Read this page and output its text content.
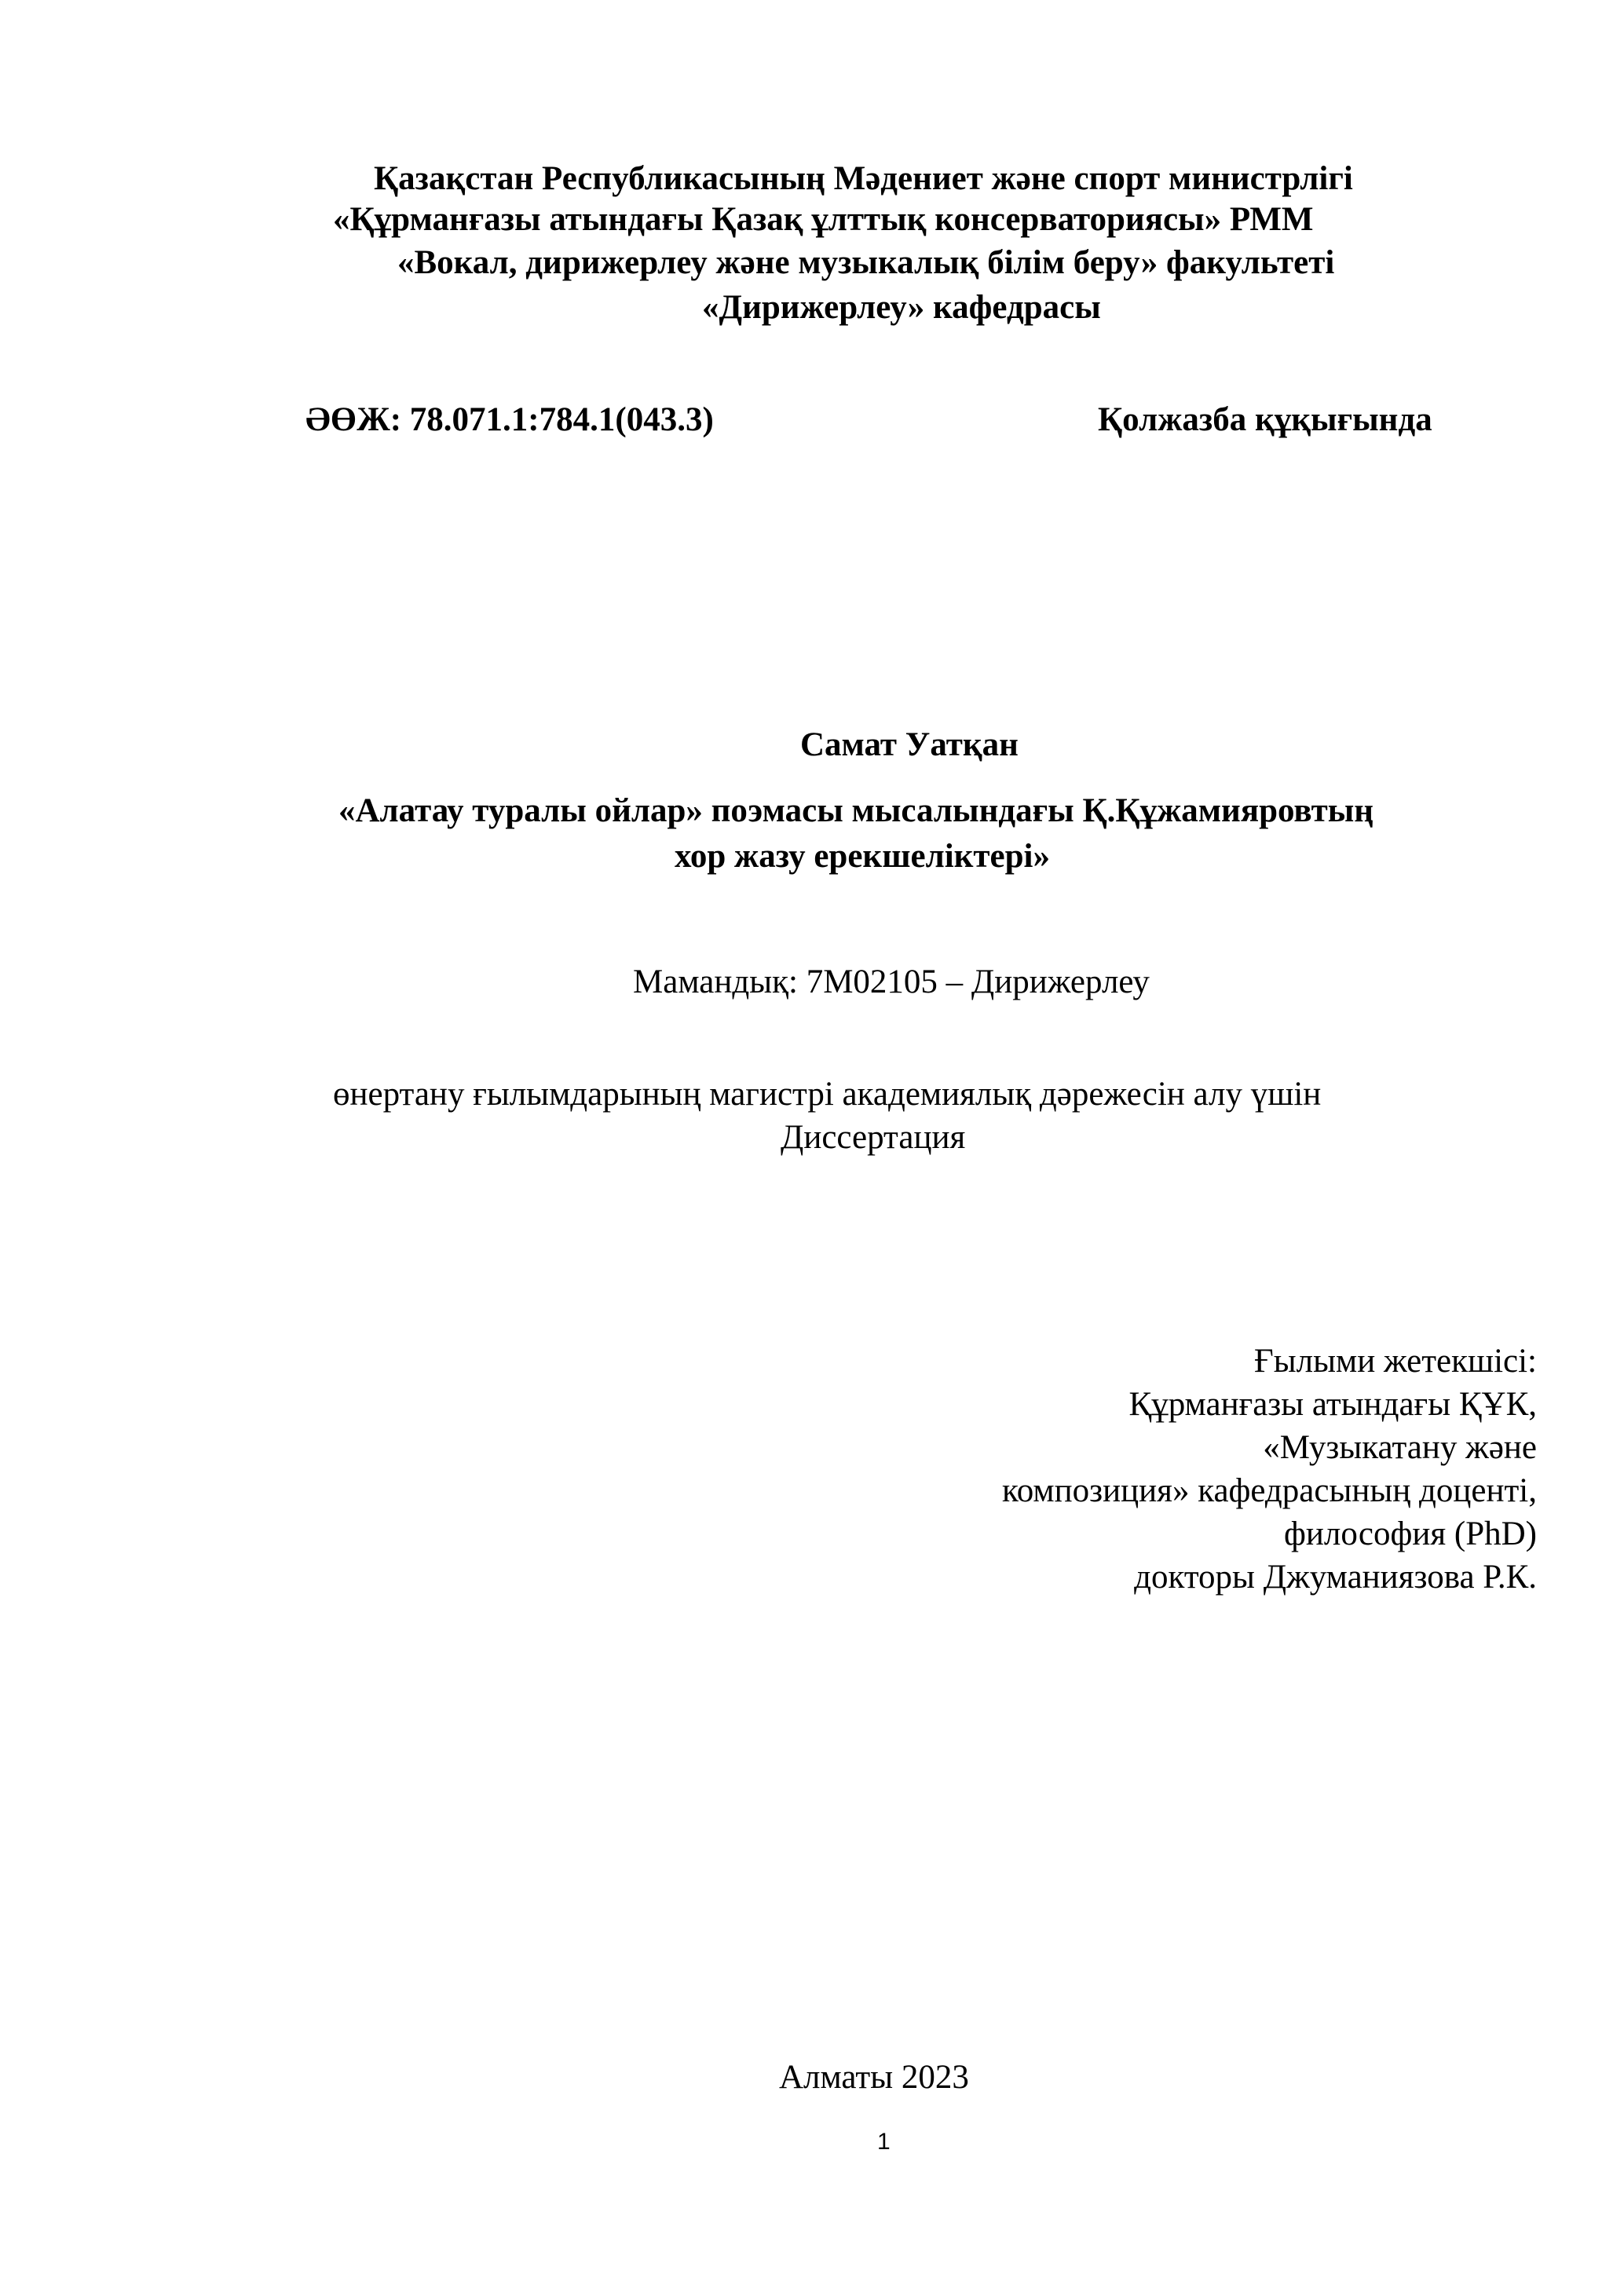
Қазақстан Республикасының Мәдениет және спорт министрлігі
«Құрманғазы атындағы Қазақ ұлттық консерваториясы» РММ
«Вокал, дирижерлеу және музыкалық білім беру» факультеті
«Дирижерлеу» кафедрасы
ӘӨЖ: 78.071.1:784.1(043.3)	Қолжазба құқығында
Самат Уатқан
«Алатау туралы ойлар» поэмасы мысалындағы Қ.Құжамияровтың
хор жазу ерекшеліктері»
Мамандық: 7М02105 – Дирижерлеу
өнертану ғылымдарының магистрі академиялық дәрежесін алу үшін
Диссертация
Ғылыми жетекшісі:
Құрманғазы атындағы ҚҰК,
«Музыкатану және
композиция» кафедрасының доценті,
философия (PhD)
докторы Джуманиязова Р.К.
Алматы 2023
1
